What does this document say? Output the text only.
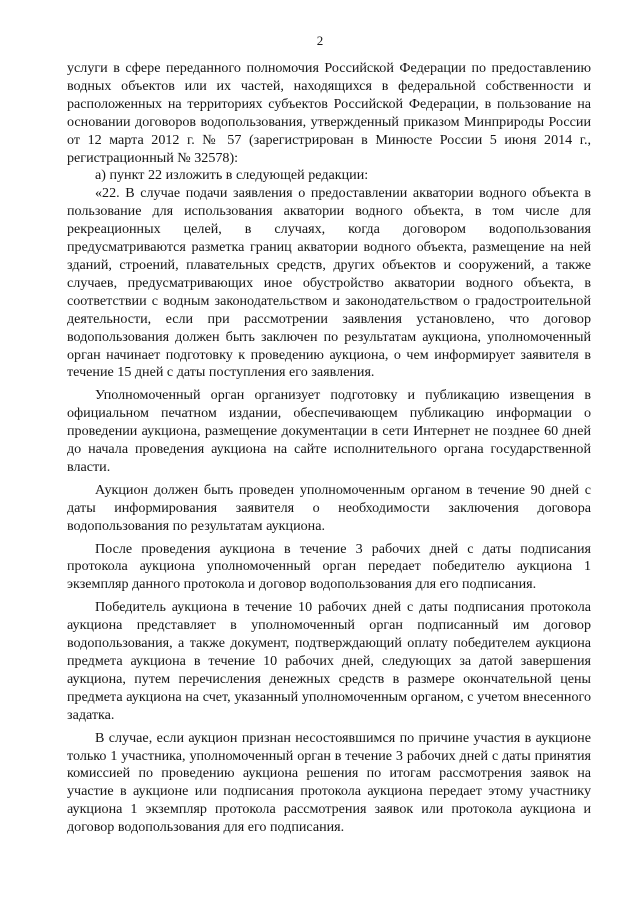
2

услуги в сфере переданного полномочия Российской Федерации по предоставлению водных объектов или их частей, находящихся в федеральной собственности и расположенных на территориях субъектов Российской Федерации, в пользование на основании договоров водопользования, утвержденный приказом Минприроды России от 12 марта 2012 г. № 57 (зарегистрирован в Минюсте России 5 июня 2014 г., регистрационный № 32578):

а) пункт 22 изложить в следующей редакции:

«22. В случае подачи заявления о предоставлении акватории водного объекта в пользование для использования акватории водного объекта, в том числе для рекреационных целей, в случаях, когда договором водопользования предусматриваются разметка границ акватории водного объекта, размещение на ней зданий, строений, плавательных средств, других объектов и сооружений, а также случаев, предусматривающих иное обустройство акватории водного объекта, в соответствии с водным законодательством и законодательством о градостроительной деятельности, если при рассмотрении заявления установлено, что договор водопользования должен быть заключен по результатам аукциона, уполномоченный орган начинает подготовку к проведению аукциона, о чем информирует заявителя в течение 15 дней с даты поступления его заявления.

Уполномоченный орган организует подготовку и публикацию извещения в официальном печатном издании, обеспечивающем публикацию информации о проведении аукциона, размещение документации в сети Интернет не позднее 60 дней до начала проведения аукциона на сайте исполнительного органа государственной власти.

Аукцион должен быть проведен уполномоченным органом в течение 90 дней с даты информирования заявителя о необходимости заключения договора водопользования по результатам аукциона.

После проведения аукциона в течение 3 рабочих дней с даты подписания протокола аукциона уполномоченный орган передает победителю аукциона 1 экземпляр данного протокола и договор водопользования для его подписания.

Победитель аукциона в течение 10 рабочих дней с даты подписания протокола аукциона представляет в уполномоченный орган подписанный им договор водопользования, а также документ, подтверждающий оплату победителем аукциона предмета аукциона в течение 10 рабочих дней, следующих за датой завершения аукциона, путем перечисления денежных средств в размере окончательной цены предмета аукциона на счет, указанный уполномоченным органом, с учетом внесенного задатка.

В случае, если аукцион признан несостоявшимся по причине участия в аукционе только 1 участника, уполномоченный орган в течение 3 рабочих дней с даты принятия комиссией по проведению аукциона решения по итогам рассмотрения заявок на участие в аукционе или подписания протокола аукциона передает этому участнику аукциона 1 экземпляр протокола рассмотрения заявок или протокола аукциона и договор водопользования для его подписания.
